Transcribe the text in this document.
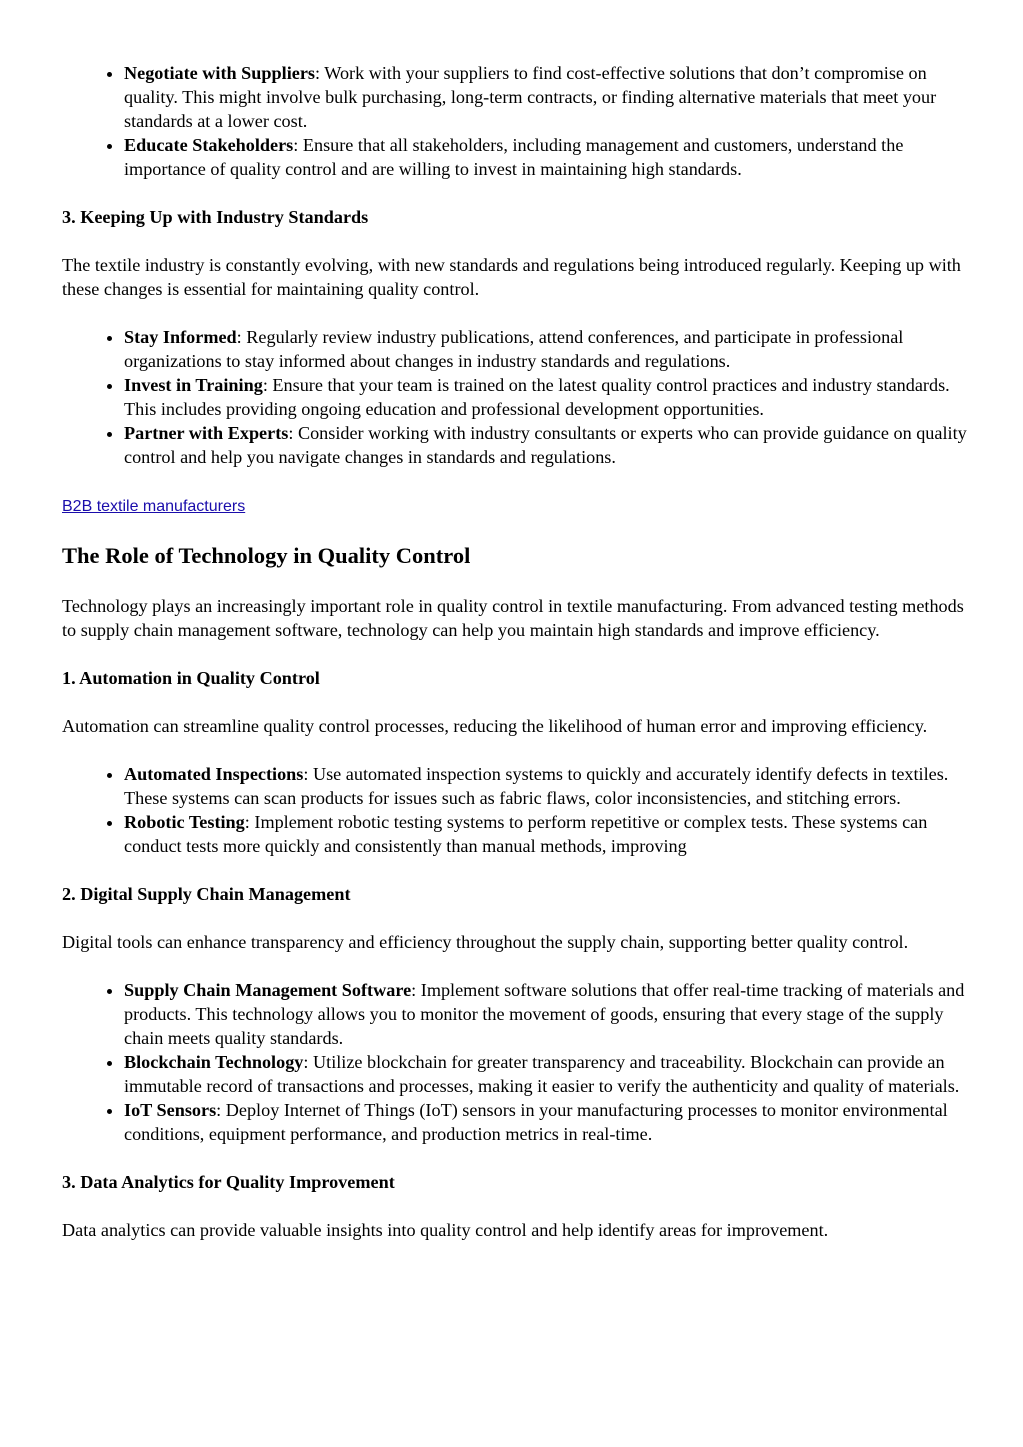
• Negotiate with Suppliers: Work with your suppliers to find cost-effective solutions that don’t compromise on quality. This might involve bulk purchasing, long-term contracts, or finding alternative materials that meet your standards at a lower cost.
• Educate Stakeholders: Ensure that all stakeholders, including management and customers, understand the importance of quality control and are willing to invest in maintaining high standards.

3. Keeping Up with Industry Standards

The textile industry is constantly evolving, with new standards and regulations being introduced regularly. Keeping up with these changes is essential for maintaining quality control.

• Stay Informed: Regularly review industry publications, attend conferences, and participate in professional organizations to stay informed about changes in industry standards and regulations.
• Invest in Training: Ensure that your team is trained on the latest quality control practices and industry standards. This includes providing ongoing education and professional development opportunities.
• Partner with Experts: Consider working with industry consultants or experts who can provide guidance on quality control and help you navigate changes in standards and regulations.

B2B textile manufacturers

The Role of Technology in Quality Control

Technology plays an increasingly important role in quality control in textile manufacturing. From advanced testing methods to supply chain management software, technology can help you maintain high standards and improve efficiency.

1. Automation in Quality Control

Automation can streamline quality control processes, reducing the likelihood of human error and improving efficiency.

• Automated Inspections: Use automated inspection systems to quickly and accurately identify defects in textiles. These systems can scan products for issues such as fabric flaws, color inconsistencies, and stitching errors.
• Robotic Testing: Implement robotic testing systems to perform repetitive or complex tests. These systems can conduct tests more quickly and consistently than manual methods, improving

2. Digital Supply Chain Management

Digital tools can enhance transparency and efficiency throughout the supply chain, supporting better quality control.

• Supply Chain Management Software: Implement software solutions that offer real-time tracking of materials and products. This technology allows you to monitor the movement of goods, ensuring that every stage of the supply chain meets quality standards.
• Blockchain Technology: Utilize blockchain for greater transparency and traceability. Blockchain can provide an immutable record of transactions and processes, making it easier to verify the authenticity and quality of materials.
• IoT Sensors: Deploy Internet of Things (IoT) sensors in your manufacturing processes to monitor environmental conditions, equipment performance, and production metrics in real-time.

3. Data Analytics for Quality Improvement

Data analytics can provide valuable insights into quality control and help identify areas for improvement.
